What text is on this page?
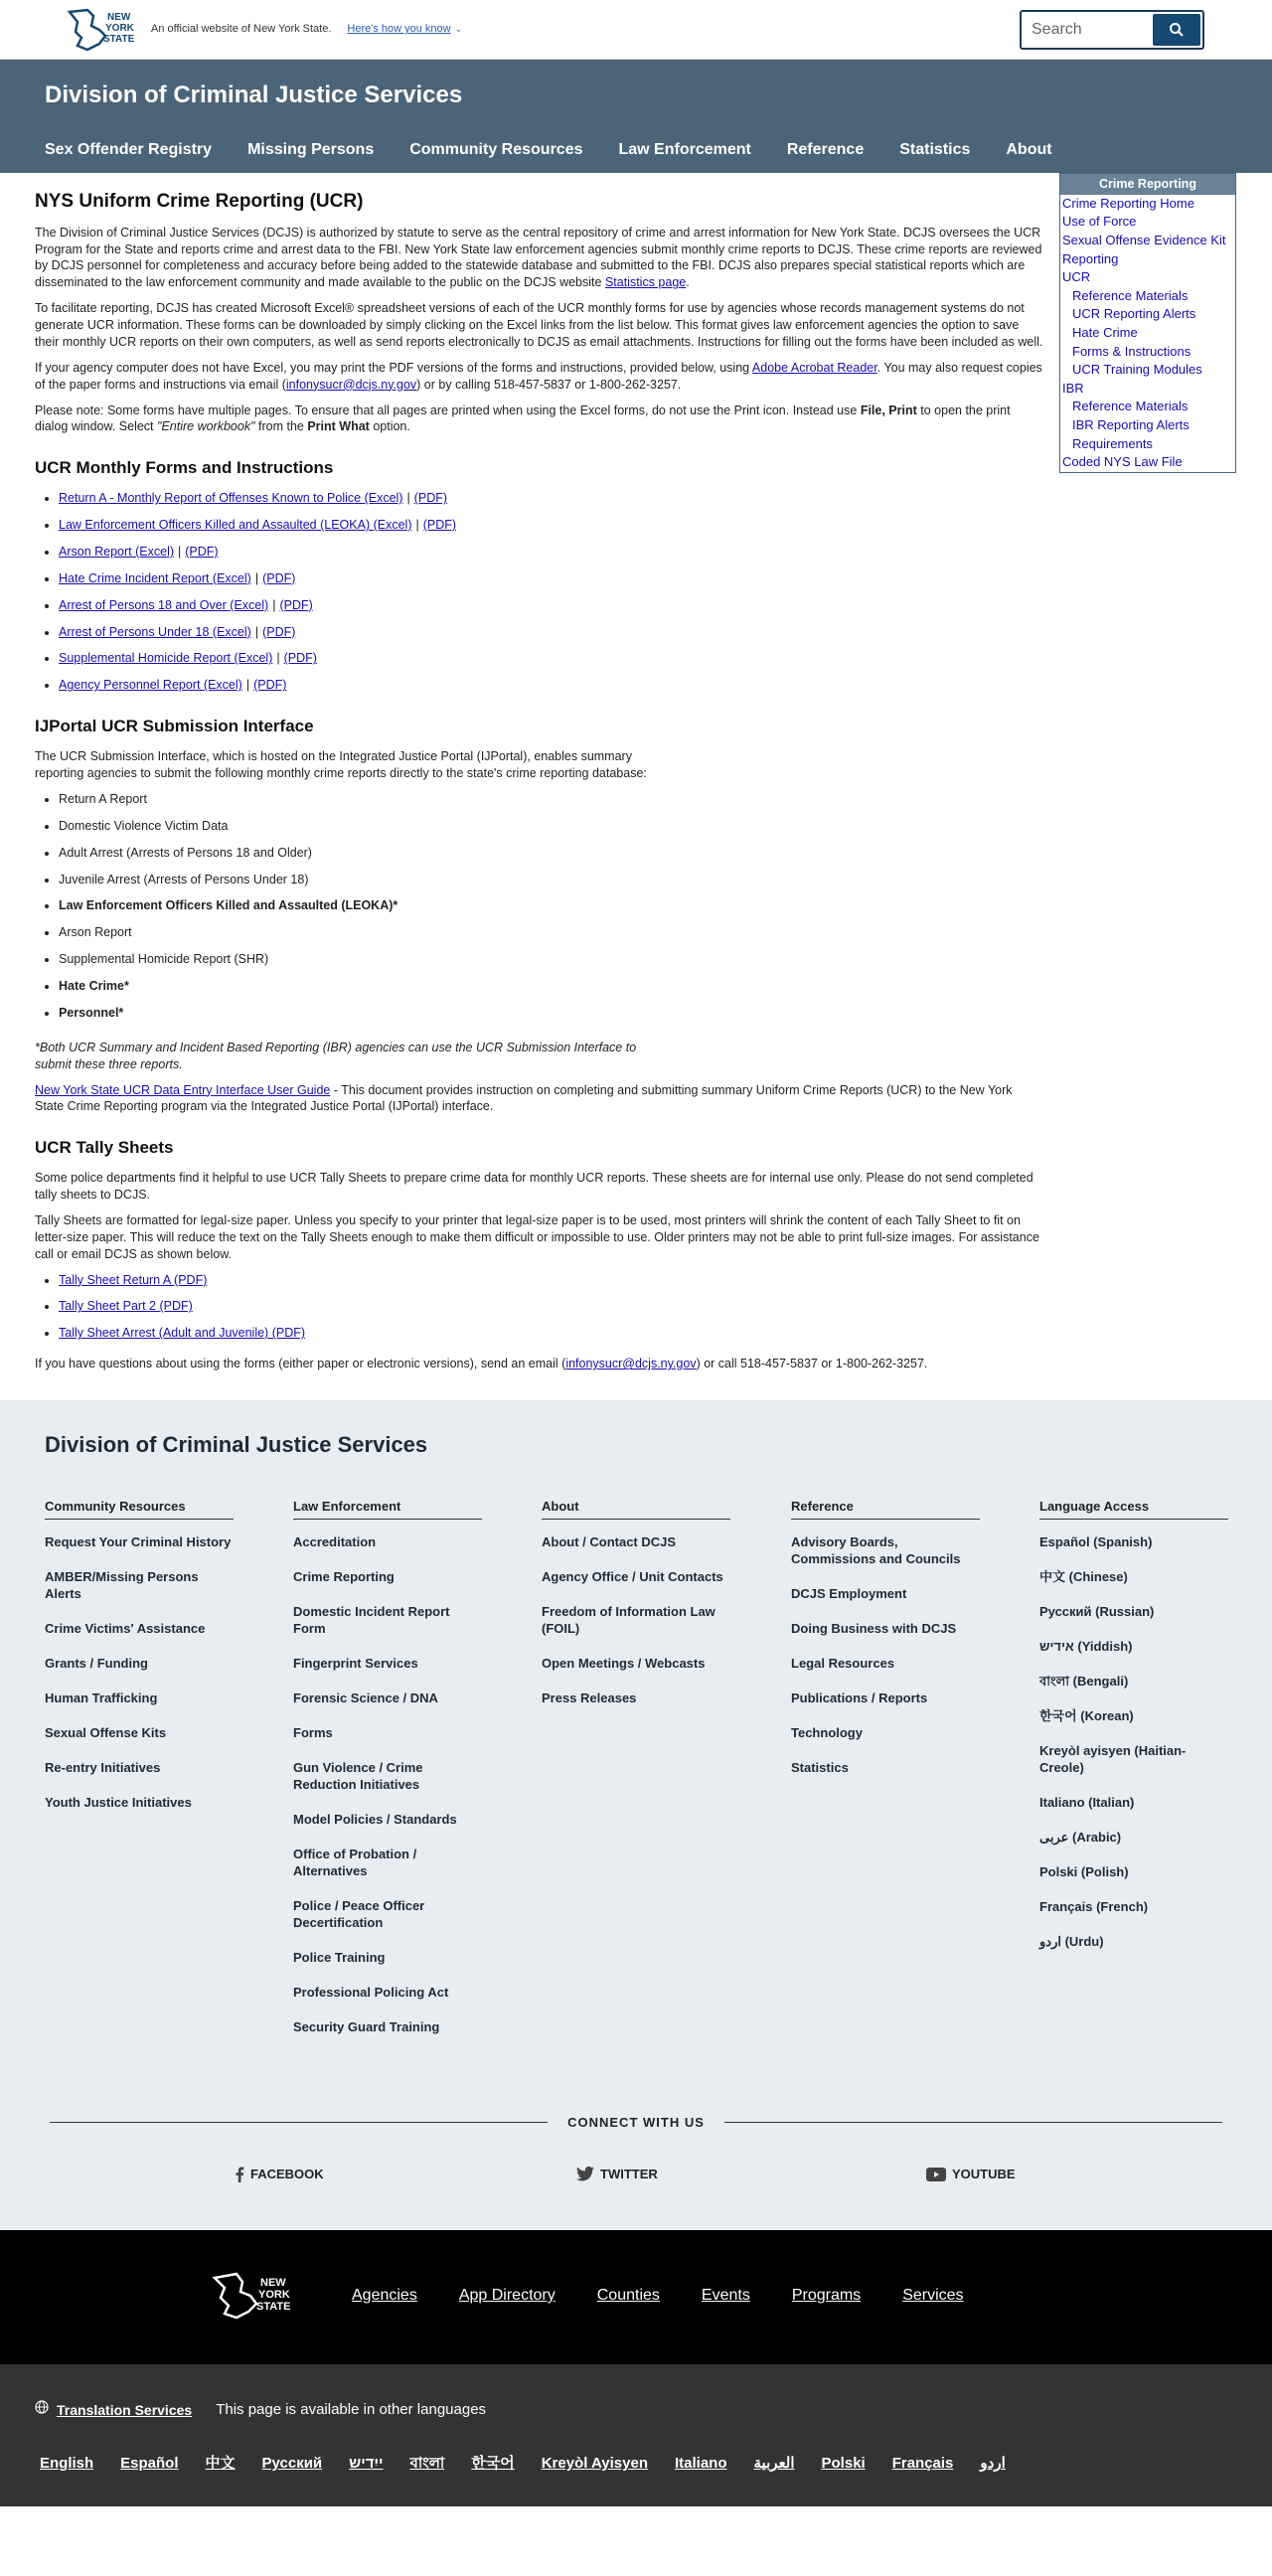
NEW
YORK
STATE
An official website of New York State. Here's how you know ⌄	Search
Division of Criminal Justice Services
Sex Offender Registry Missing Persons Community Resources Law Enforcement Reference Statistics About
Crime Reporting
Crime Reporting Home
Use of Force
Sexual Offense Evidence Kit Reporting
UCR
Reference Materials
UCR Reporting Alerts
Hate Crime
Forms & Instructions
UCR Training Modules
IBR
Reference Materials
IBR Reporting Alerts
Requirements
Coded NYS Law File
NYS Uniform Crime Reporting (UCR)

The Division of Criminal Justice Services (DCJS) is authorized by statute to serve as the central repository of crime and arrest information for New York State. DCJS oversees the UCR Program for the State and reports crime and arrest data to the FBI. New York State law enforcement agencies submit monthly crime reports to DCJS. These crime reports are reviewed by DCJS personnel for completeness and accuracy before being added to the statewide database and submitted to the FBI. DCJS also prepares special statistical reports which are disseminated to the law enforcement community and made available to the public on the DCJS website Statistics page.

To facilitate reporting, DCJS has created Microsoft Excel® spreadsheet versions of each of the UCR monthly forms for use by agencies whose records management systems do not generate UCR information. These forms can be downloaded by simply clicking on the Excel links from the list below. This format gives law enforcement agencies the option to save their monthly UCR reports on their own computers, as well as send reports electronically to DCJS as email attachments. Instructions for filling out the forms have been included as well.

If your agency computer does not have Excel, you may print the PDF versions of the forms and instructions, provided below, using Adobe Acrobat Reader. You may also request copies of the paper forms and instructions via email (infonysucr@dcjs.ny.gov) or by calling 518-457-5837 or 1-800-262-3257.

Please note: Some forms have multiple pages. To ensure that all pages are printed when using the Excel forms, do not use the Print icon. Instead use File, Print to open the print dialog window. Select "Entire workbook" from the Print What option.

UCR Monthly Forms and Instructions
• Return A - Monthly Report of Offenses Known to Police (Excel) | (PDF)
• Law Enforcement Officers Killed and Assaulted (LEOKA) (Excel) | (PDF)
• Arson Report (Excel) | (PDF)
• Hate Crime Incident Report (Excel) | (PDF)
• Arrest of Persons 18 and Over (Excel) | (PDF)
• Arrest of Persons Under 18 (Excel) | (PDF)
• Supplemental Homicide Report (Excel) | (PDF)
• Agency Personnel Report (Excel) | (PDF)
IJPortal UCR Submission Interface

The UCR Submission Interface, which is hosted on the Integrated Justice Portal (IJPortal), enables summary reporting agencies to submit the following monthly crime reports directly to the state's crime reporting database:

• Return A Report
• Domestic Violence Victim Data
• Adult Arrest (Arrests of Persons 18 and Older)
• Juvenile Arrest (Arrests of Persons Under 18)
• Law Enforcement Officers Killed and Assaulted (LEOKA)*
• Arson Report
• Supplemental Homicide Report (SHR)
• Hate Crime*
• Personnel*

*Both UCR Summary and Incident Based Reporting (IBR) agencies can use the UCR Submission Interface to submit these three reports.

New York State UCR Data Entry Interface User Guide - This document provides instruction on completing and submitting summary Uniform Crime Reports (UCR) to the New York State Crime Reporting program via the Integrated Justice Portal (IJPortal) interface.

UCR Tally Sheets

Some police departments find it helpful to use UCR Tally Sheets to prepare crime data for monthly UCR reports. These sheets are for internal use only. Please do not send completed tally sheets to DCJS.

Tally Sheets are formatted for legal-size paper. Unless you specify to your printer that legal-size paper is to be used, most printers will shrink the content of each Tally Sheet to fit on letter-size paper. This will reduce the text on the Tally Sheets enough to make them difficult or impossible to use. Older printers may not be able to print full-size images. For assistance call or email DCJS as shown below.

• Tally Sheet Return A (PDF)
• Tally Sheet Part 2 (PDF)
• Tally Sheet Arrest (Adult and Juvenile) (PDF)

If you have questions about using the forms (either paper or electronic versions), send an email (infonysucr@dcjs.ny.gov) or call 518-457-5837 or 1-800-262-3257.

Division of Criminal Justice Services
Community Resources
Request Your Criminal History
AMBER/Missing Persons Alerts
Crime Victims' Assistance
Grants / Funding
Human Trafficking
Sexual Offense Kits
Re-entry Initiatives
Youth Justice Initiatives
Law Enforcement
Accreditation
Crime Reporting
Domestic Incident Report Form
Fingerprint Services
Forensic Science / DNA
Forms
Gun Violence / Crime Reduction Initiatives
Model Policies / Standards
Office of Probation / Alternatives
Police / Peace Officer Decertification
Police Training
Professional Policing Act
Security Guard Training
About
About / Contact DCJS
Agency Office / Unit Contacts
Freedom of Information Law (FOIL)
Open Meetings / Webcasts
Press Releases
Reference
Advisory Boards, Commissions and Councils
DCJS Employment
Doing Business with DCJS
Legal Resources
Publications / Reports
Technology
Statistics
Language Access
Español (Spanish)
中文 (Chinese)
Русский (Russian)
אידיש (Yiddish)
বাংলা (Bengali)
한국어 (Korean)
Kreyòl ayisyen (Haitian-Creole)
Italiano (Italian)
عربى (Arabic)
Polski (Polish)
Français (French)
اردو (Urdu)
CONNECT WITH US
FACEBOOK	TWITTER	YOUTUBE
NEW
YORK
STATE
Agencies	App Directory	Counties	Events	Programs	Services
Translation Services This page is available in other languages
English Español 中文 Русский ייִדיש বাংলা 한국어 Kreyòl Ayisyen Italiano العربية Polski Français اردو
